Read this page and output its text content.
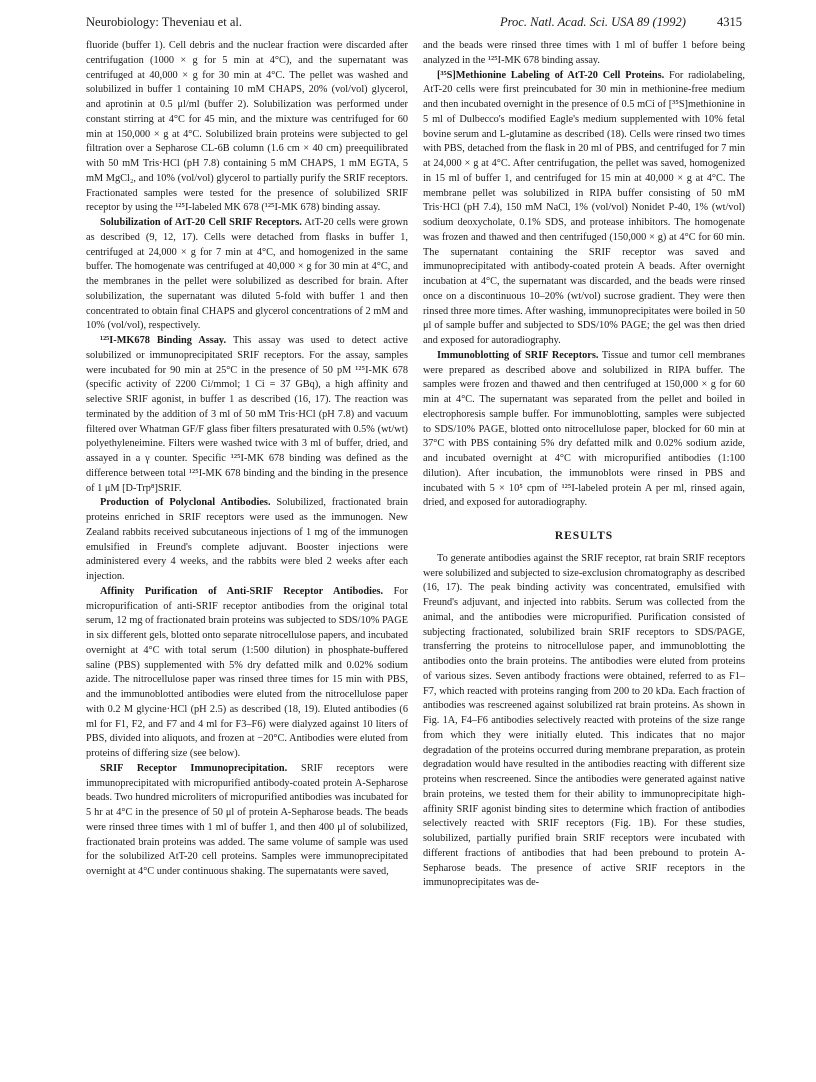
Neurobiology: Theveniau et al.	Proc. Natl. Acad. Sci. USA 89 (1992) 4315

fluoride (buffer 1). Cell debris and the nuclear fraction were discarded after centrifugation (1000 × g for 5 min at 4°C), and the supernatant was centrifuged at 40,000 × g for 30 min at 4°C. The pellet was washed and solubilized in buffer 1 containing 10 mM CHAPS, 20% (vol/vol) glycerol, and aprotinin at 0.5 μl/ml (buffer 2). Solubilization was performed under constant stirring at 4°C for 45 min, and the mixture was centrifuged for 60 min at 150,000 × g at 4°C. Solubilized brain proteins were subjected to gel filtration over a Sepharose CL-6B column (1.6 cm × 40 cm) preequilibrated with 50 mM Tris·HCl (pH 7.8) containing 5 mM CHAPS, 1 mM EGTA, 5 mM MgCl₂, and 10% (vol/vol) glycerol to partially purify the SRIF receptors. Fractionated samples were tested for the presence of solubilized SRIF receptor by using the ¹²⁵I-labeled MK 678 (¹²⁵I-MK 678) binding assay.

Solubilization of AtT-20 Cell SRIF Receptors. AtT-20 cells were grown as described (9, 12, 17). Cells were detached from flasks in buffer 1, centrifuged at 24,000 × g for 7 min at 4°C, and homogenized in the same buffer. The homogenate was centrifuged at 40,000 × g for 30 min at 4°C, and the membranes in the pellet were solubilized as described for brain. After solubilization, the supernatant was diluted 5-fold with buffer 1 and then concentrated to obtain final CHAPS and glycerol concentrations of 2 mM and 10% (vol/vol), respectively.

¹²⁵I-MK678 Binding Assay. This assay was used to detect active solubilized or immunoprecipitated SRIF receptors. For the assay, samples were incubated for 90 min at 25°C in the presence of 50 pM ¹²⁵I-MK 678 (specific activity of 2200 Ci/mmol; 1 Ci = 37 GBq), a high affinity and selective SRIF agonist, in buffer 1 as described (16, 17). The reaction was terminated by the addition of 3 ml of 50 mM Tris·HCl (pH 7.8) and vacuum filtered over Whatman GF/F glass fiber filters presaturated with 0.5% (wt/wt) polyethyleneimine. Filters were washed twice with 3 ml of buffer, dried, and assayed in a γ counter. Specific ¹²⁵I-MK 678 binding was defined as the difference between total ¹²⁵I-MK 678 binding and the binding in the presence of 1 μM [D-Trp⁸]SRIF.

Production of Polyclonal Antibodies. Solubilized, fractionated brain proteins enriched in SRIF receptors were used as the immunogen. New Zealand rabbits received subcutaneous injections of 1 mg of the immunogen emulsified in Freund's complete adjuvant. Booster injections were administered every 4 weeks, and the rabbits were bled 2 weeks after each injection.

Affinity Purification of Anti-SRIF Receptor Antibodies. For micropurification of anti-SRIF receptor antibodies from the original total serum, 12 mg of fractionated brain proteins was subjected to SDS/10% PAGE in six different gels, blotted onto separate nitrocellulose papers, and incubated overnight at 4°C with total serum (1:500 dilution) in phosphate-buffered saline (PBS) supplemented with 5% dry defatted milk and 0.02% sodium azide. The nitrocellulose paper was rinsed three times for 15 min with PBS, and the immunoblotted antibodies were eluted from the nitrocellulose paper with 0.2 M glycine·HCl (pH 2.5) as described (18, 19). Eluted antibodies (6 ml for F1, F2, and F7 and 4 ml for F3–F6) were dialyzed against 10 liters of PBS, divided into aliquots, and frozen at −20°C. Antibodies were eluted from proteins of differing size (see below).

SRIF Receptor Immunoprecipitation. SRIF receptors were immunoprecipitated with micropurified antibody-coated protein A-Sepharose beads. Two hundred microliters of micropurified antibodies was incubated for 5 hr at 4°C in the presence of 50 μl of protein A-Sepharose beads. The beads were rinsed three times with 1 ml of buffer 1, and then 400 μl of solubilized, fractionated brain proteins was added. The same volume of sample was used for the solubilized AtT-20 cell proteins. Samples were immunoprecipitated overnight at 4°C under continuous shaking. The supernatants were saved,

and the beads were rinsed three times with 1 ml of buffer 1 before being analyzed in the ¹²⁵I-MK 678 binding assay.

[³⁵S]Methionine Labeling of AtT-20 Cell Proteins. For radiolabeling, AtT-20 cells were first preincubated for 30 min in methionine-free medium and then incubated overnight in the presence of 0.5 mCi of [³⁵S]methionine in 5 ml of Dulbecco's modified Eagle's medium supplemented with 10% fetal bovine serum and L-glutamine as described (18). Cells were rinsed two times with PBS, detached from the flask in 20 ml of PBS, and centrifuged for 7 min at 24,000 × g at 4°C. After centrifugation, the pellet was saved, homogenized in 15 ml of buffer 1, and centrifuged for 15 min at 40,000 × g at 4°C. The membrane pellet was solubilized in RIPA buffer consisting of 50 mM Tris·HCl (pH 7.4), 150 mM NaCl, 1% (vol/vol) Nonidet P-40, 1% (wt/vol) sodium deoxycholate, 0.1% SDS, and protease inhibitors. The homogenate was frozen and thawed and then centrifuged (150,000 × g) at 4°C for 60 min. The supernatant containing the SRIF receptor was saved and immunoprecipitated with antibody-coated protein A beads. After overnight incubation at 4°C, the supernatant was discarded, and the beads were rinsed once on a discontinuous 10–20% (wt/vol) sucrose gradient. They were then rinsed three more times. After washing, immunoprecipitates were boiled in 50 μl of sample buffer and subjected to SDS/10% PAGE; the gel was then dried and exposed for autoradiography.

Immunoblotting of SRIF Receptors. Tissue and tumor cell membranes were prepared as described above and solubilized in RIPA buffer. The samples were frozen and thawed and then centrifuged at 150,000 × g for 60 min at 4°C. The supernatant was separated from the pellet and boiled in electrophoresis sample buffer. For immunoblotting, samples were subjected to SDS/10% PAGE, blotted onto nitrocellulose paper, blocked for 60 min at 37°C with PBS containing 5% dry defatted milk and 0.02% sodium azide, and incubated overnight at 4°C with micropurified antibodies (1:100 dilution). After incubation, the immunoblots were rinsed in PBS and incubated with 5 × 10⁵ cpm of ¹²⁵I-labeled protein A per ml, rinsed again, dried, and exposed for autoradiography.

RESULTS

To generate antibodies against the SRIF receptor, rat brain SRIF receptors were solubilized and subjected to size-exclusion chromatography as described (16, 17). The peak binding activity was concentrated, emulsified with Freund's adjuvant, and injected into rabbits. Serum was collected from the animal, and the antibodies were micropurified. Purification consisted of subjecting fractionated, solubilized brain SRIF receptors to SDS/PAGE, transferring the proteins to nitrocellulose paper, and immunoblotting the antibodies onto the brain proteins. The antibodies were eluted from proteins of various sizes. Seven antibody fractions were obtained, referred to as F1–F7, which reacted with proteins ranging from 200 to 20 kDa. Each fraction of antibodies was rescreened against solubilized rat brain proteins. As shown in Fig. 1A, F4–F6 antibodies selectively reacted with proteins of the size range from which they were initially eluted. This indicates that no major degradation of the proteins occurred during membrane preparation, as protein degradation would have resulted in the antibodies reacting with different size proteins when rescreened. Since the antibodies were generated against native brain proteins, we tested them for their ability to immunoprecipitate high-affinity SRIF agonist binding sites to determine which fraction of antibodies selectively reacted with SRIF receptors (Fig. 1B). For these studies, solubilized, partially purified brain SRIF receptors were incubated with different fractions of antibodies that had been prebound to protein A-Sepharose beads. The presence of active SRIF receptors in the immunoprecipitates was de-
